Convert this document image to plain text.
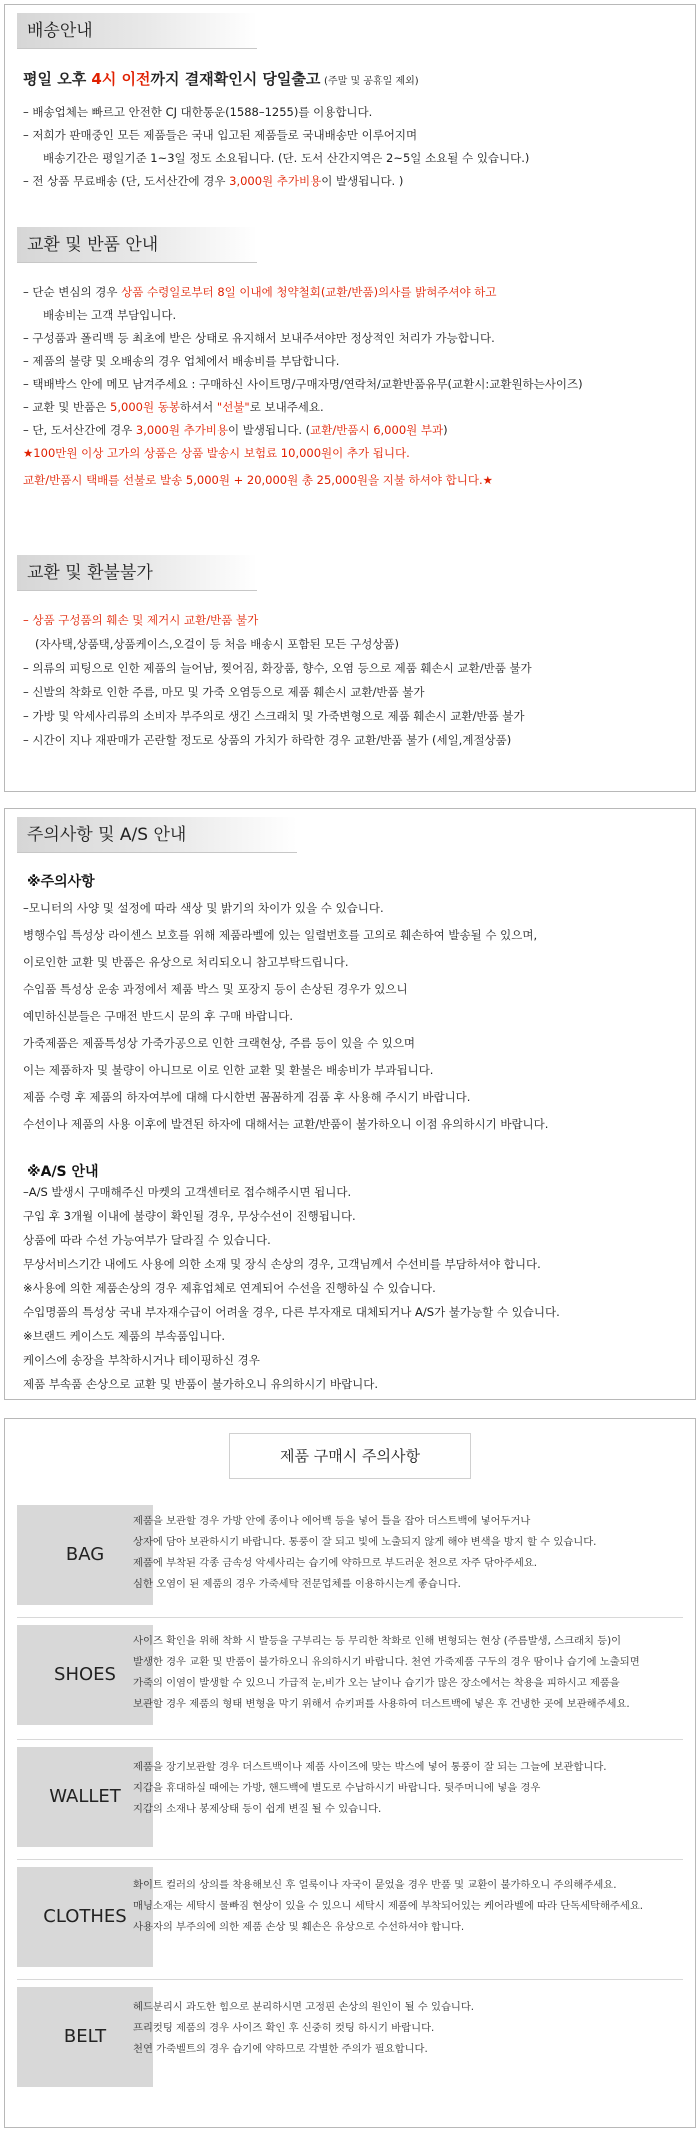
배송안내
평일 오후 4시 이전까지 결재확인시 당일출고 (주말 및 공휴일 제외)
– 배송업체는 빠르고 안전한 CJ 대한통운(1588–1255)를 이용합니다.
– 저희가 판매중인 모든 제품들은 국내 입고된 제품들로 국내배송만 이루어지며
배송기간은 평일기준 1~3일 정도 소요됩니다. (단. 도서 산간지역은 2~5일 소요될 수 있습니다.)
– 전 상품 무료배송 (단, 도서산간에 경우 3,000원 추가비용이 발생됩니다. )
교환 및 반품 안내
– 단순 변심의 경우 상품 수령일로부터 8일 이내에 청약철회(교환/반품)의사를 밝혀주셔야 하고
배송비는 고객 부담입니다.
– 구성품과 폴리백 등 최초에 받은 상태로 유지해서 보내주셔야만 정상적인 처리가 가능합니다.
– 제품의 불량 및 오배송의 경우 업체에서 배송비를 부담합니다.
– 택배박스 안에 메모 남겨주세요 : 구매하신 사이트명/구매자명/연락처/교환반품유무(교환시:교환원하는사이즈)
– 교환 및 반품은 5,000원 동봉하셔서 "선불"로 보내주세요.
– 단, 도서산간에 경우 3,000원 추가비용이 발생됩니다. (교환/반품시 6,000원 부과)
★100만원 이상 고가의 상품은 상품 발송시 보험료 10,000원이 추가 됩니다.
교환/반품시 택배를 선불로 발송 5,000원 + 20,000원 총 25,000원을 지불 하셔야 합니다.★
교환 및 환불불가
– 상품 구성품의 훼손 및 제거시 교환/반품 불가
(자사택,상품택,상품케이스,오걸이 등 처음 배송시 포함된 모든 구성상품)
– 의류의 피팅으로 인한 제품의 늘어남, 찢어짐, 화장품, 향수, 오염 등으로 제품 훼손시 교환/반품 불가
– 신발의 착화로 인한 주름, 마모 및 가죽 오염등으로 제품 훼손시 교환/반품 불가
– 가방 및 악세사리류의 소비자 부주의로 생긴 스크래치 및 가죽변형으로 제품 훼손시 교환/반품 불가
– 시간이 지나 재판매가 곤란할 정도로 상품의 가치가 하락한 경우 교환/반품 불가 (세일,계절상품)
주의사항 및 A/S 안내
※주의사항
–모니터의 사양 및 설정에 따라 색상 및 밝기의 차이가 있을 수 있습니다.
병행수입 특성상 라이센스 보호를 위해 제품라벨에 있는 일렬번호를 고의로 훼손하여 발송될 수 있으며,
이로인한 교환 및 반품은 유상으로 처리되오니 참고부탁드립니다.
수입품 특성상 운송 과정에서 제품 박스 및 포장지 등이 손상된 경우가 있으니
예민하신분들은 구매전 반드시 문의 후 구매 바랍니다.
가죽제품은 제품특성상 가죽가공으로 인한 크랙현상, 주름 등이 있을 수 있으며
이는 제품하자 및 불량이 아니므로 이로 인한 교환 및 환불은 배송비가 부과됩니다.
제품 수령 후 제품의 하자여부에 대해 다시한번 꼼꼼하게 검품 후 사용해 주시기 바랍니다.
수선이나 제품의 사용 이후에 발견된 하자에 대해서는 교환/반품이 불가하오니 이점 유의하시기 바랍니다.
※A/S 안내
–A/S 발생시 구매해주신 마켓의 고객센터로 접수해주시면 됩니다.
구입 후 3개월 이내에 불량이 확인될 경우, 무상수선이 진행됩니다.
상품에 따라 수선 가능여부가 달라질 수 있습니다.
무상서비스기간 내에도 사용에 의한 소재 및 장식 손상의 경우, 고객님께서 수선비를 부담하셔야 합니다.
※사용에 의한 제품손상의 경우 제휴업체로 연계되어 수선을 진행하실 수 있습니다.
수입명품의 특성상 국내 부자재수급이 어려울 경우, 다른 부자재로 대체되거나 A/S가 불가능할 수 있습니다.
※브랜드 케이스도 제품의 부속품입니다.
케이스에 송장을 부착하시거나 테이핑하신 경우
제품 부속품 손상으로 교환 및 반품이 불가하오니 유의하시기 바랍니다.
제품 구매시 주의사항
BAG
제품을 보관할 경우 가방 안에 종이나 에어백 등을 넣어 틀을 잡아 더스트백에 넣어두거나
상자에 담아 보관하시기 바랍니다. 통풍이 잘 되고 빛에 노출되지 않게 해야 변색을 방지 할 수 있습니다.
제품에 부착된 각종 금속성 악세사리는 습기에 약하므로 부드러운 천으로 자주 닦아주세요.
심한 오염이 된 제품의 경우 가죽세탁 전문업체를 이용하시는게 좋습니다.
SHOES
사이즈 확인을 위해 착화 시 발등을 구부리는 등 무리한 착화로 인해 변형되는 현상 (주름발생, 스크래치 등)이
발생한 경우 교환 및 반품이 불가하오니 유의하시기 바랍니다. 천연 가죽제품 구두의 경우 땀이나 습기에 노출되면
가죽의 이염이 발생할 수 있으니 가급적 눈,비가 오는 날이나 습기가 많은 장소에서는 착용을 피하시고 제품을
보관할 경우 제품의 형태 변형을 막기 위해서 슈키퍼를 사용하여 더스트백에 넣은 후 건냉한 곳에 보관해주세요.
WALLET
제품을 장기보관할 경우 더스트백이나 제품 사이즈에 맞는 박스에 넣어 통풍이 잘 되는 그늘에 보관합니다.
지갑을 휴대하실 때에는 가방, 핸드백에 별도로 수납하시기 바랍니다. 뒷주머니에 넣을 경우
지갑의 소재나 봉제상태 등이 쉽게 변질 될 수 있습니다.
CLOTHES
화이트 컬러의 상의를 착용해보신 후 얼룩이나 자국이 묻었을 경우 반품 및 교환이 불가하오니 주의해주세요.
매닝소재는 세탁시 물빠짐 현상이 있을 수 있으니 세탁시 제품에 부착되어있는 케어라벨에 따라 단독세탁해주세요.
사용자의 부주의에 의한 제품 손상 및 훼손은 유상으로 수선하셔야 합니다.
BELT
헤드분리시 과도한 힘으로 분리하시면 고정핀 손상의 원인이 될 수 있습니다.
프리컷팅 제품의 경우 사이즈 확인 후 신중히 컷팅 하시기 바랍니다.
천연 가죽벨트의 경우 습기에 약하므로 각별한 주의가 필요합니다.
